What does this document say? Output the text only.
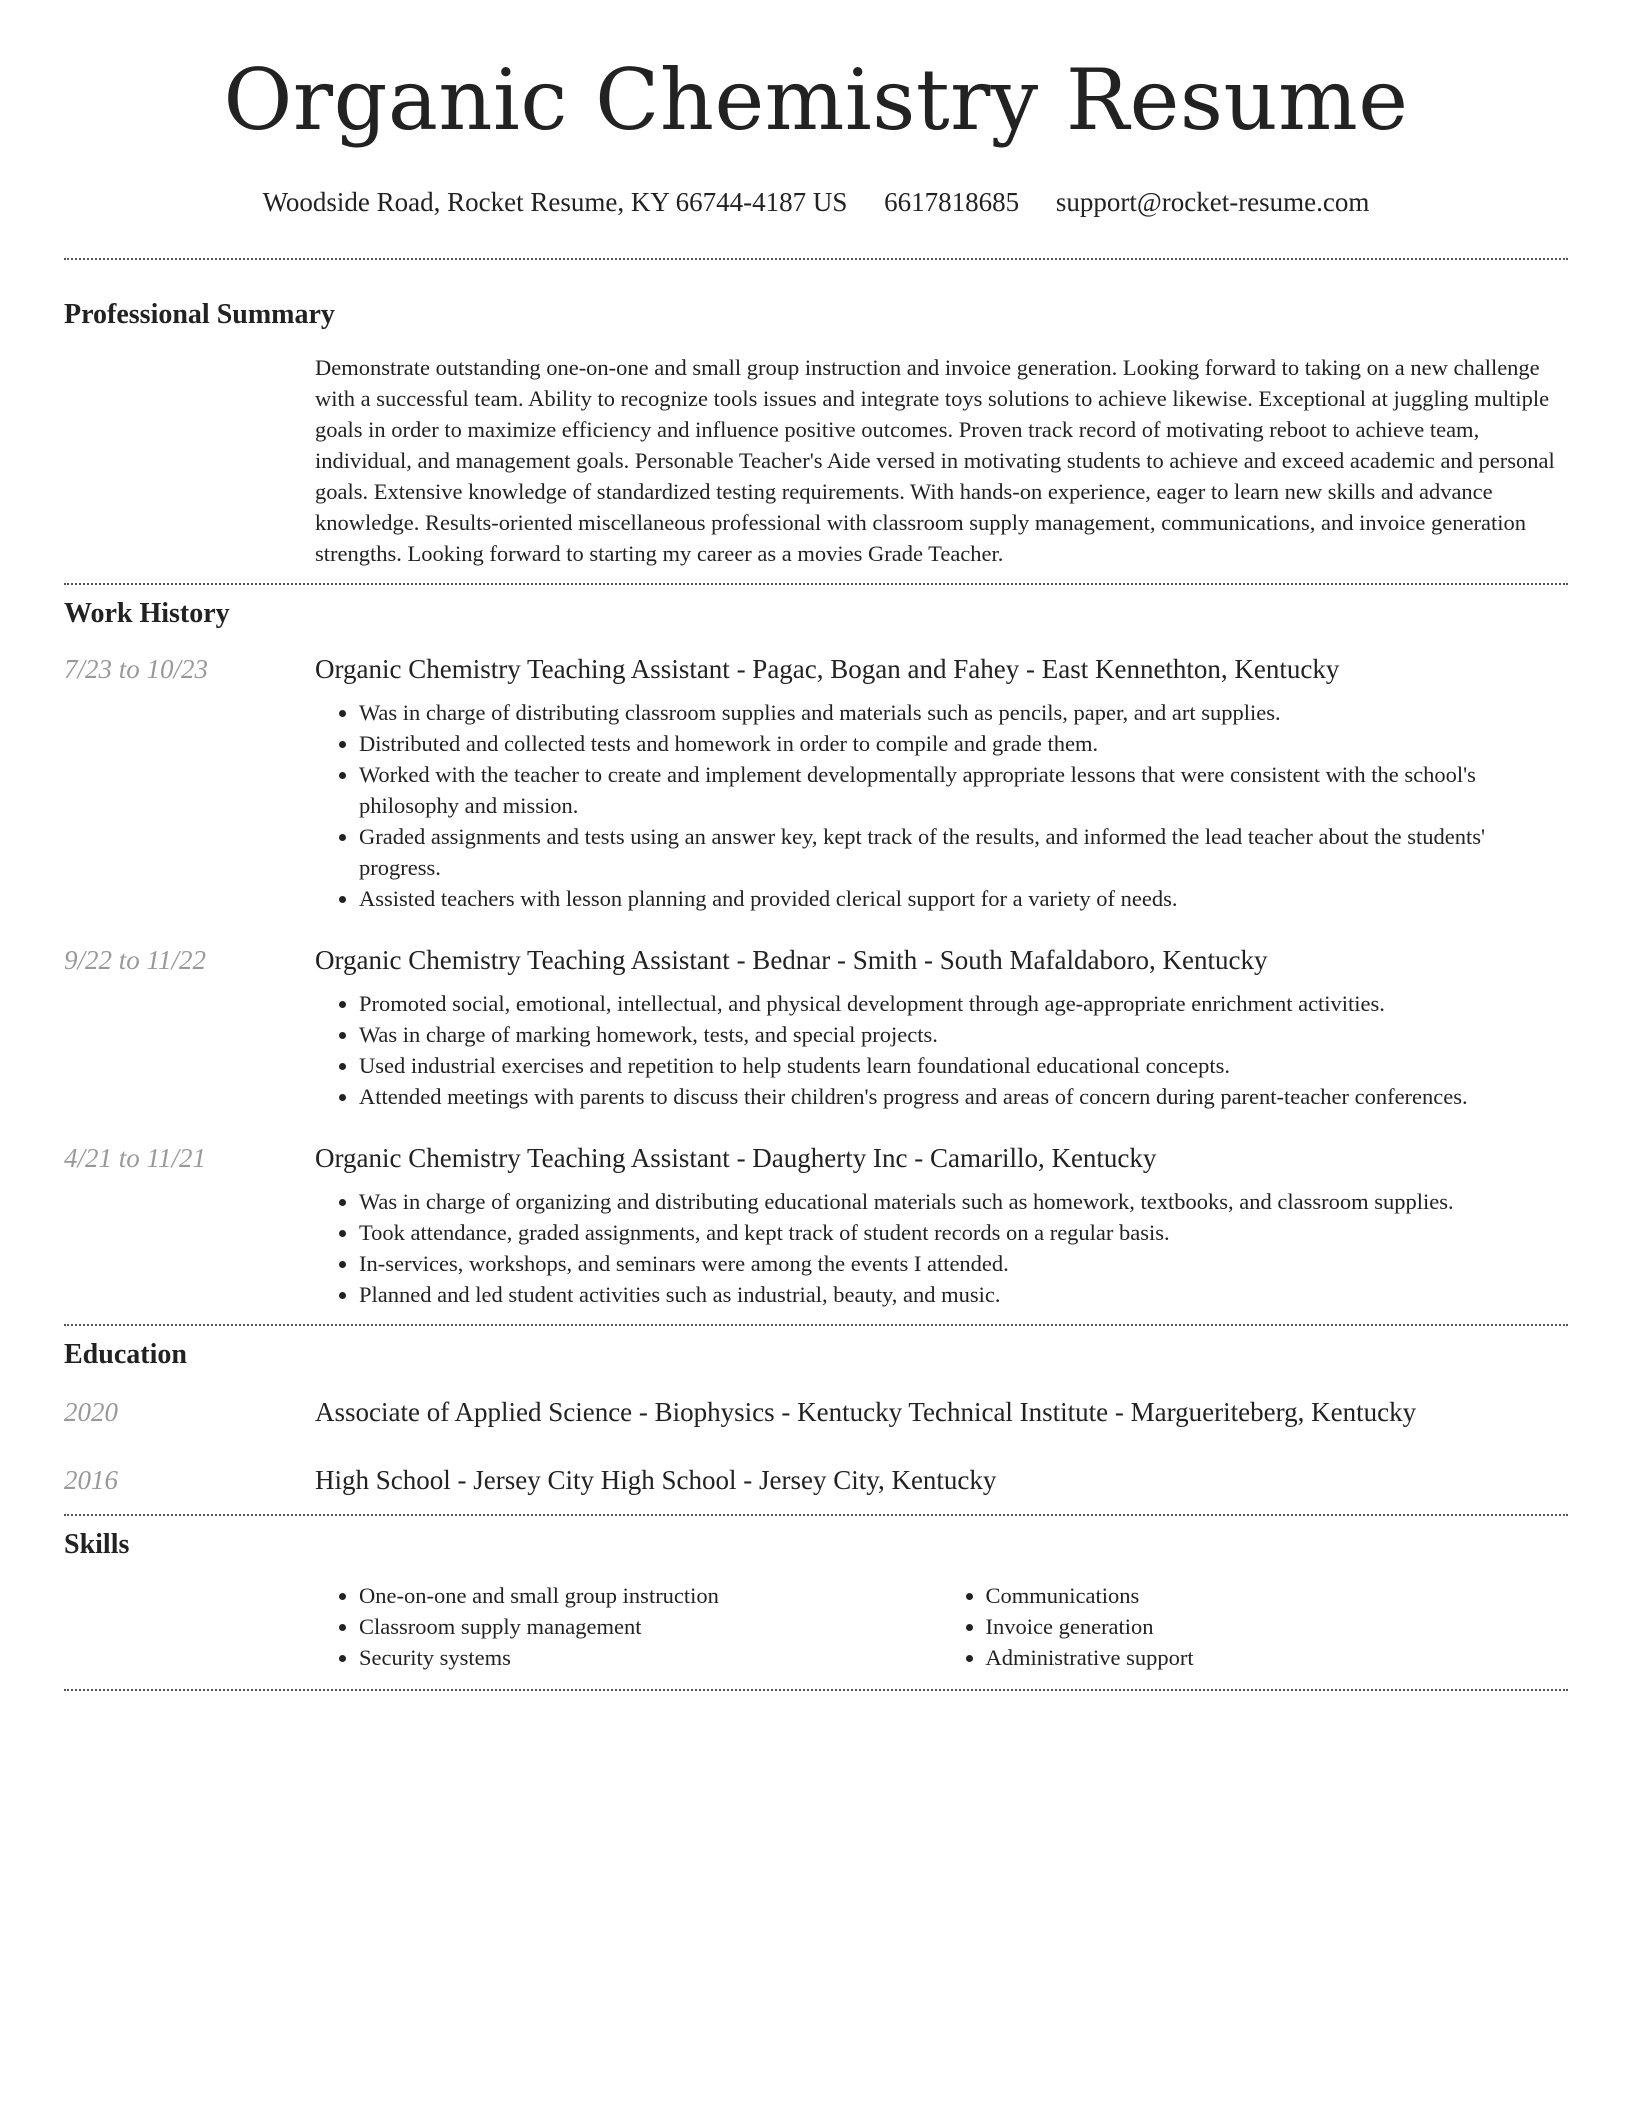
Organic Chemistry Resume
Woodside Road, Rocket Resume, KY 66744-4187 US 6617818685 support@rocket-resume.com
Professional Summary

Demonstrate outstanding one-on-one and small group instruction and invoice generation. Looking forward to taking on a new challenge with a successful team. Ability to recognize tools issues and integrate toys solutions to achieve likewise. Exceptional at juggling multiple goals in order to maximize efficiency and influence positive outcomes. Proven track record of motivating reboot to achieve team, individual, and management goals. Personable Teacher's Aide versed in motivating students to achieve and exceed academic and personal goals. Extensive knowledge of standardized testing requirements. With hands-on experience, eager to learn new skills and advance knowledge. Results-oriented miscellaneous professional with classroom supply management, communications, and invoice generation strengths. Looking forward to starting my career as a movies Grade Teacher.

Work History
7/23 to 10/23	Organic Chemistry Teaching Assistant - Pagac, Bogan and Fahey - East Kennethton, Kentucky
• Was in charge of distributing classroom supplies and materials such as pencils, paper, and art supplies.
• Distributed and collected tests and homework in order to compile and grade them.
• Worked with the teacher to create and implement developmentally appropriate lessons that were consistent with the school's philosophy and mission.
• Graded assignments and tests using an answer key, kept track of the results, and informed the lead teacher about the students' progress.
• Assisted teachers with lesson planning and provided clerical support for a variety of needs.
9/22 to 11/22	Organic Chemistry Teaching Assistant - Bednar - Smith - South Mafaldaboro, Kentucky
• Promoted social, emotional, intellectual, and physical development through age-appropriate enrichment activities.
• Was in charge of marking homework, tests, and special projects.
• Used industrial exercises and repetition to help students learn foundational educational concepts.
• Attended meetings with parents to discuss their children's progress and areas of concern during parent-teacher conferences.
4/21 to 11/21	Organic Chemistry Teaching Assistant - Daugherty Inc - Camarillo, Kentucky
• Was in charge of organizing and distributing educational materials such as homework, textbooks, and classroom supplies.
• Took attendance, graded assignments, and kept track of student records on a regular basis.
• In-services, workshops, and seminars were among the events I attended.
• Planned and led student activities such as industrial, beauty, and music.
Education
2020	Associate of Applied Science - Biophysics - Kentucky Technical Institute - Margueriteberg, Kentucky
2016	High School - Jersey City High School - Jersey City, Kentucky
Skills
• One-on-one and small group instruction
• Classroom supply management
• Security systems
• Communications
• Invoice generation
• Administrative support
